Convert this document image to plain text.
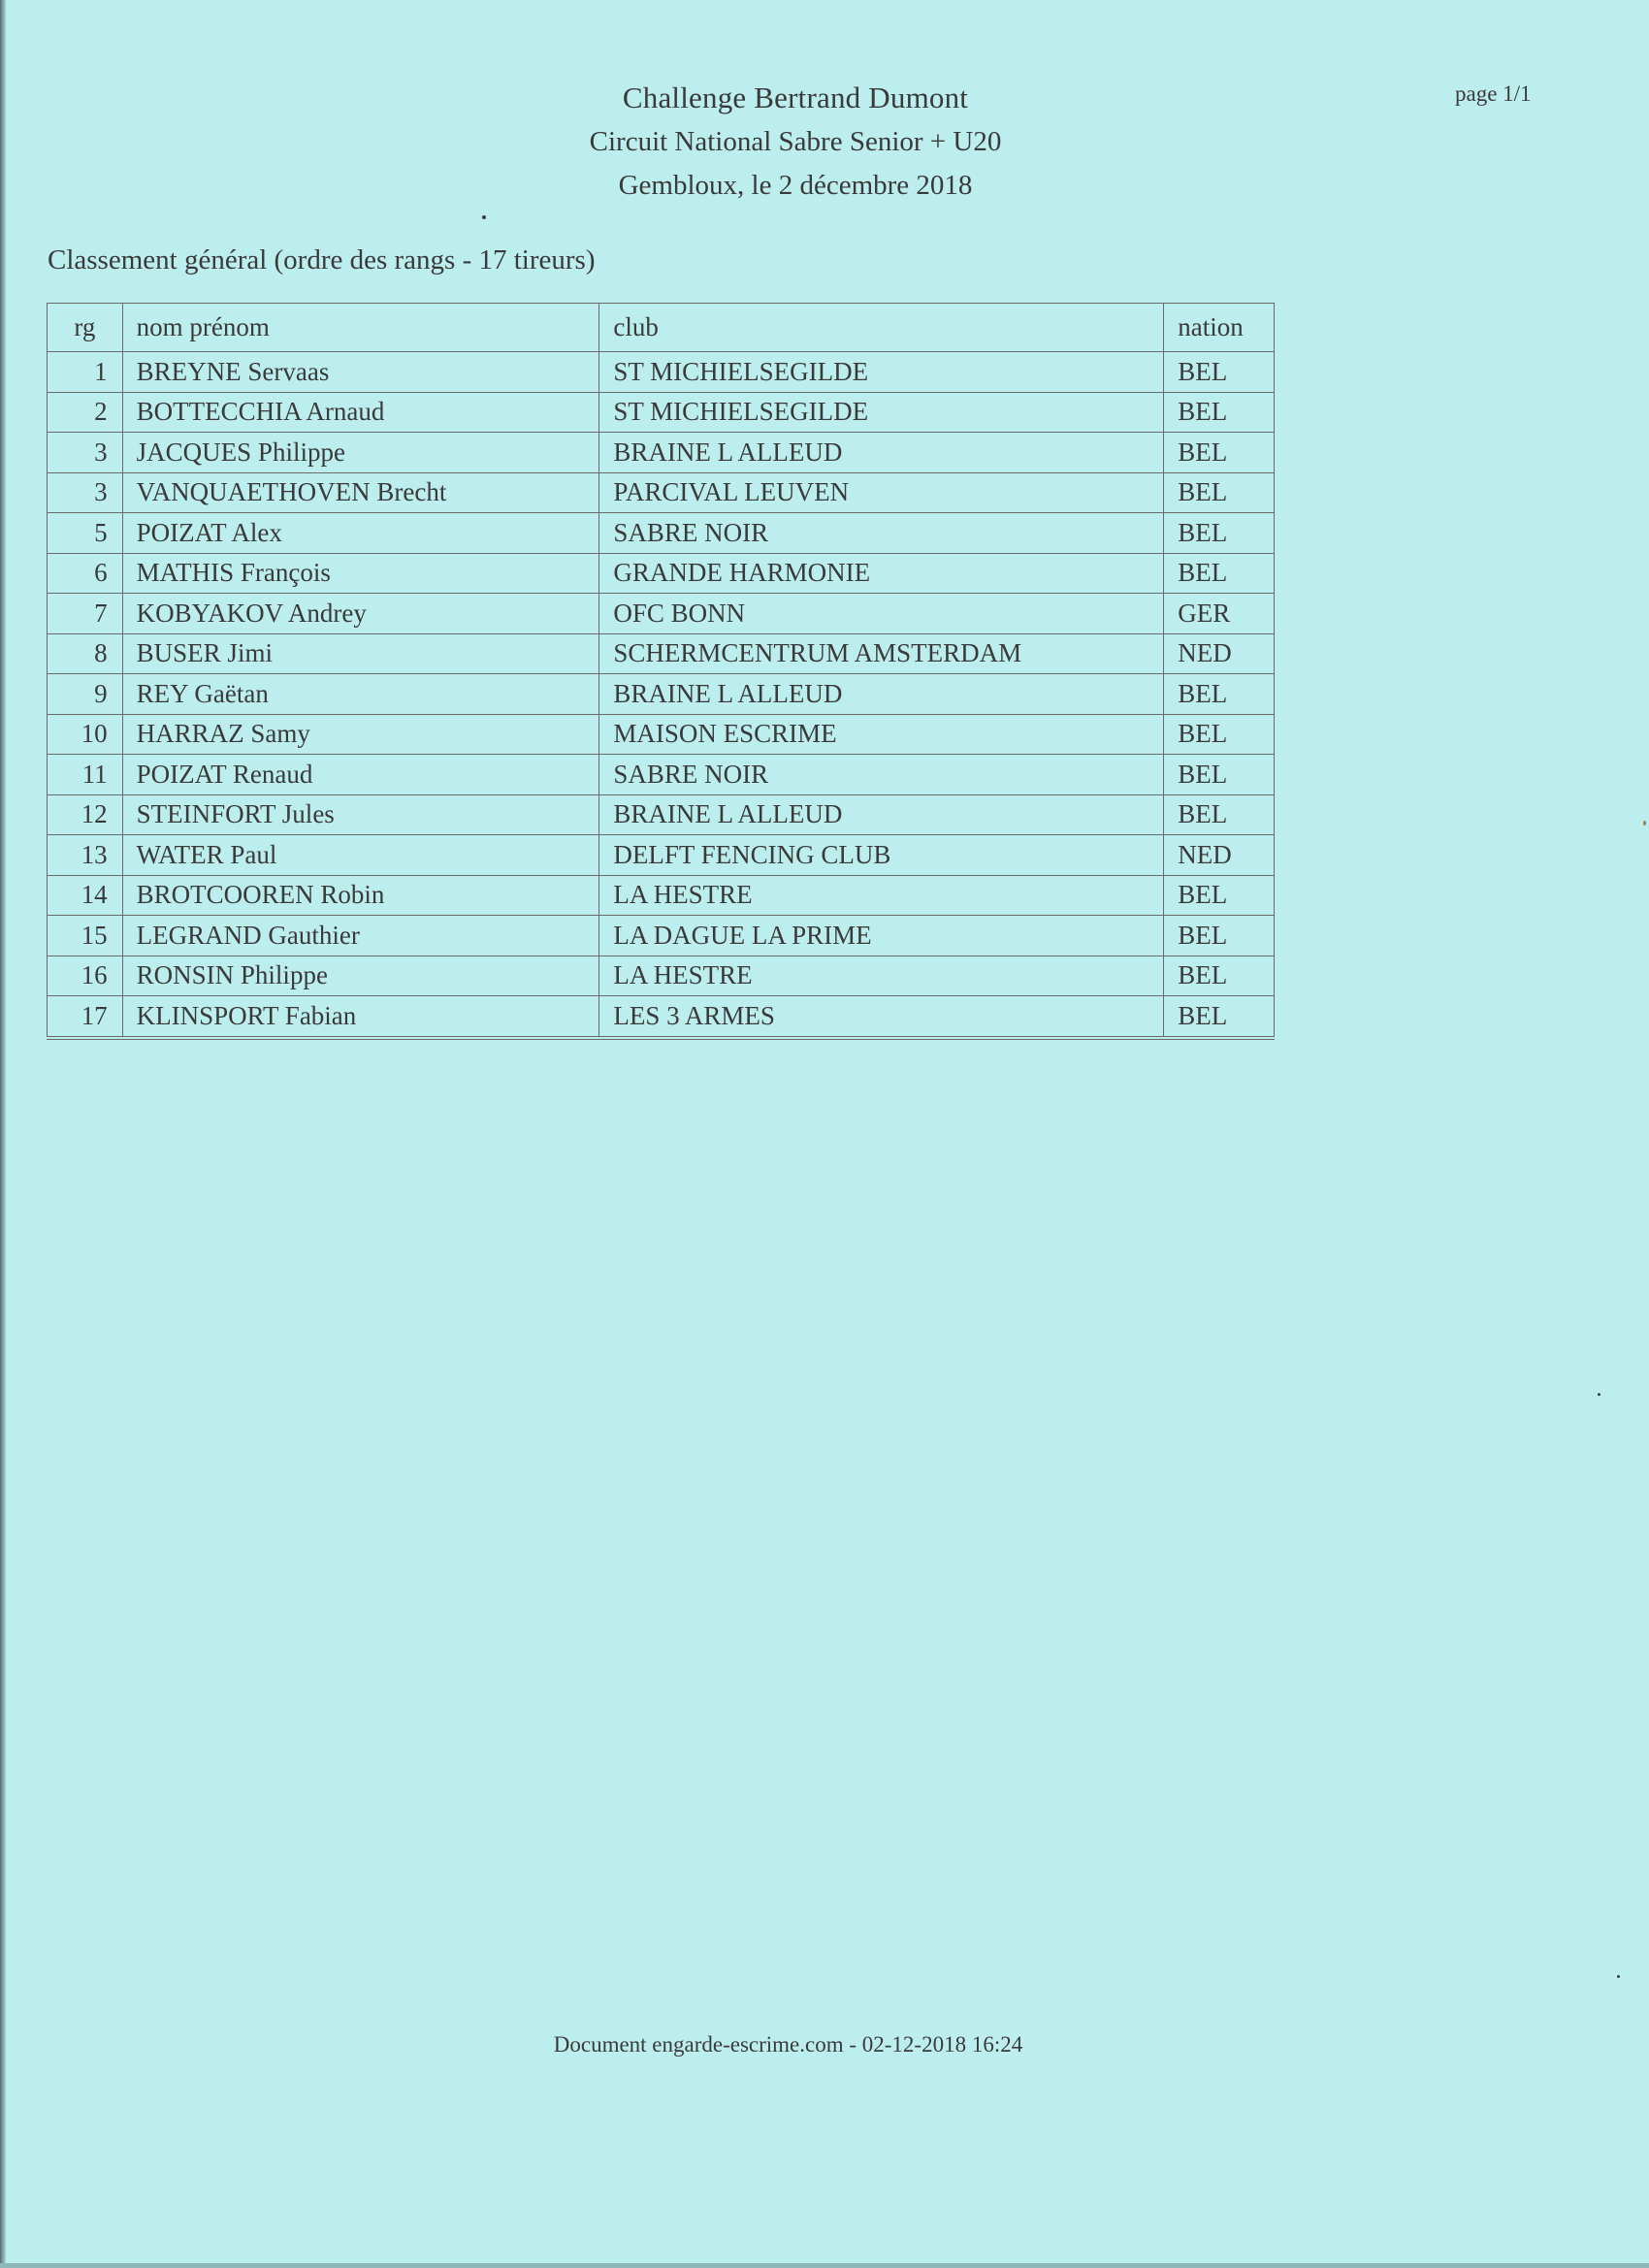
Challenge Bertrand Dumont
Circuit National Sabre Senior + U20
Gembloux, le 2 décembre 2018
page 1/1
Classement général (ordre des rangs - 17 tireurs)
rg	nom prénom	club	nation
1	BREYNE Servaas	ST MICHIELSEGILDE	BEL
2	BOTTECCHIA Arnaud	ST MICHIELSEGILDE	BEL
3	JACQUES Philippe	BRAINE L ALLEUD	BEL
3	VANQUAETHOVEN Brecht	PARCIVAL LEUVEN	BEL
5	POIZAT Alex	SABRE NOIR	BEL
6	MATHIS François	GRANDE HARMONIE	BEL
7	KOBYAKOV Andrey	OFC BONN	GER
8	BUSER Jimi	SCHERMCENTRUM AMSTERDAM	NED
9	REY Gaëtan	BRAINE L ALLEUD	BEL
10	HARRAZ Samy	MAISON ESCRIME	BEL
11	POIZAT Renaud	SABRE NOIR	BEL
12	STEINFORT Jules	BRAINE L ALLEUD	BEL
13	WATER Paul	DELFT FENCING CLUB	NED
14	BROTCOOREN Robin	LA HESTRE	BEL
15	LEGRAND Gauthier	LA DAGUE LA PRIME	BEL
16	RONSIN Philippe	LA HESTRE	BEL
17	KLINSPORT Fabian	LES 3 ARMES	BEL
Document engarde-escrime.com - 02-12-2018 16:24
